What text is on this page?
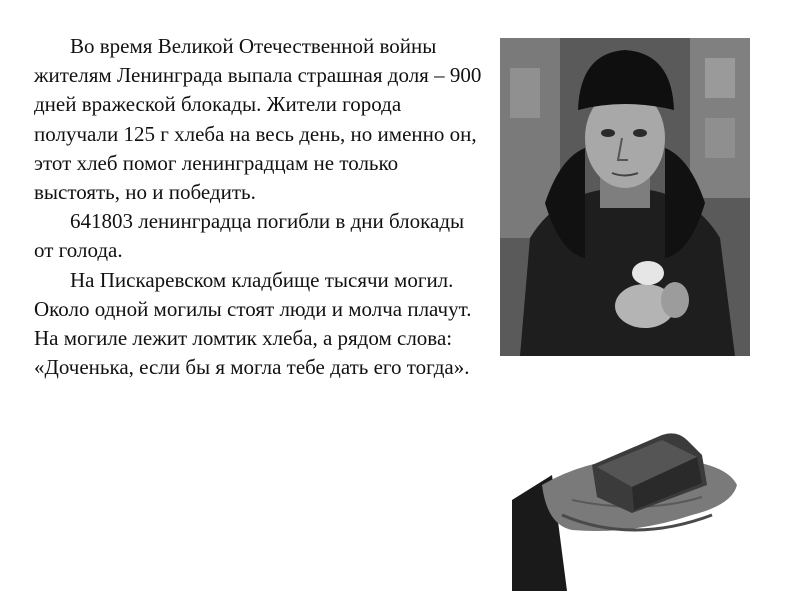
Во время Великой Отечественной войны жителям Ленинграда выпала страшная доля – 900 дней вражеской блокады. Жители города получали 125 г хлеба на весь день, но именно он, этот хлеб помог ленинградцам не только выстоять, но и победить.

641803 ленинградца погибли в дни блокады от голода.

На Пискаревском кладбище тысячи могил. Около одной могилы стоят люди и молча плачут. На могиле лежит ломтик хлеба, а рядом слова: «Доченька, если бы я могла тебе дать его тогда».
